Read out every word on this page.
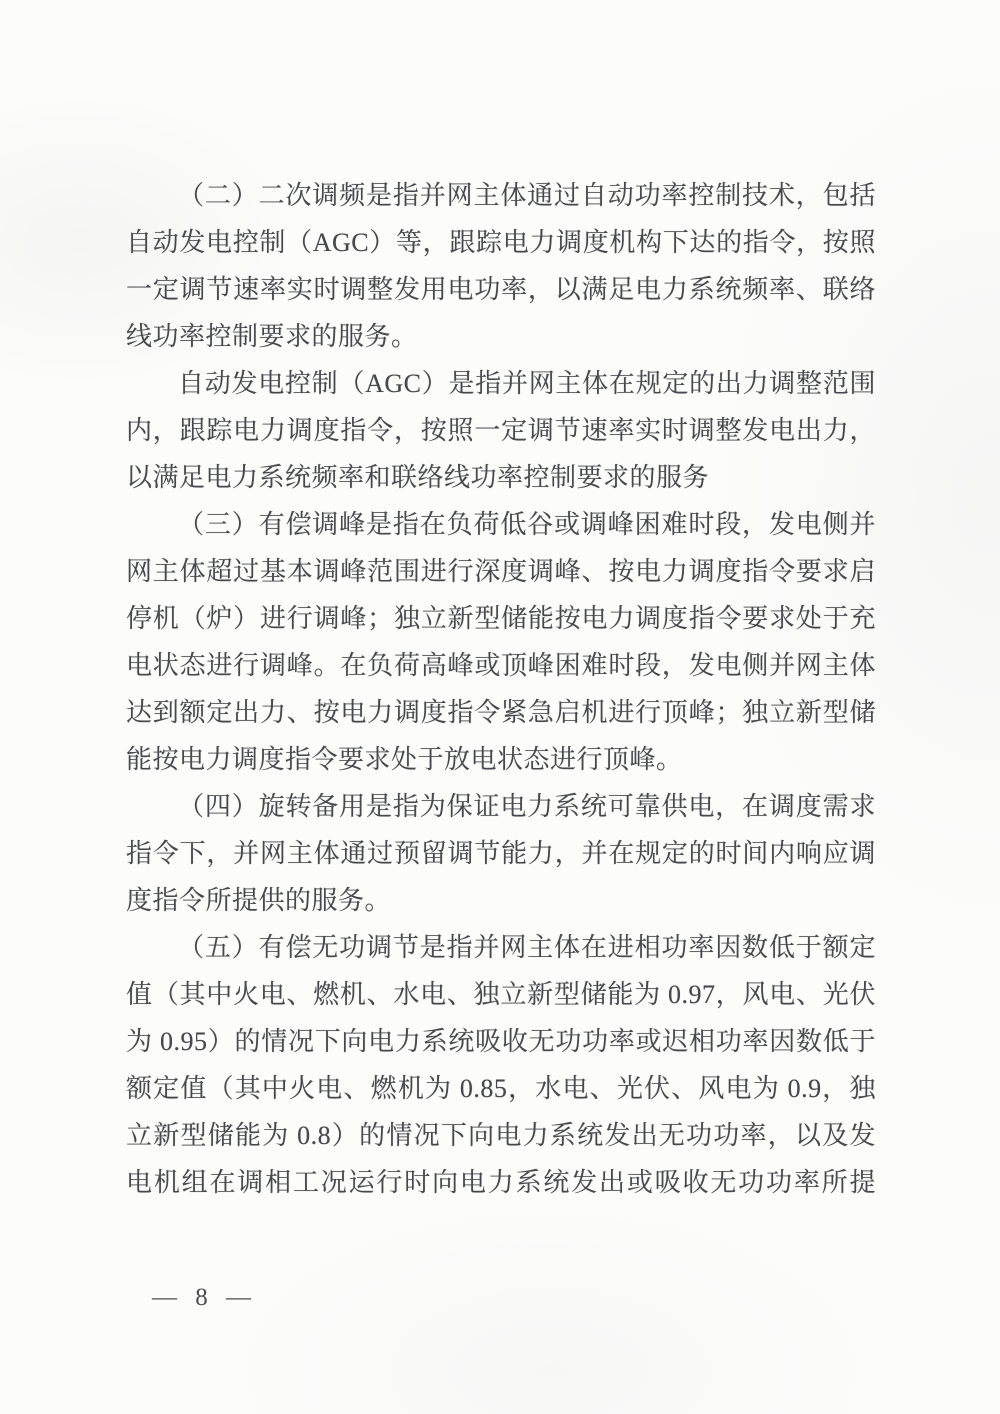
（二）二次调频是指并网主体通过自动功率控制技术，包括
自动发电控制（AGC）等，跟踪电力调度机构下达的指令，按照
一定调节速率实时调整发用电功率，以满足电力系统频率、联络
线功率控制要求的服务。
自动发电控制（AGC）是指并网主体在规定的出力调整范围
内，跟踪电力调度指令，按照一定调节速率实时调整发电出力，
以满足电力系统频率和联络线功率控制要求的服务
（三）有偿调峰是指在负荷低谷或调峰困难时段，发电侧并
网主体超过基本调峰范围进行深度调峰、按电力调度指令要求启
停机（炉）进行调峰；独立新型储能按电力调度指令要求处于充
电状态进行调峰。在负荷高峰或顶峰困难时段，发电侧并网主体
达到额定出力、按电力调度指令紧急启机进行顶峰；独立新型储
能按电力调度指令要求处于放电状态进行顶峰。
（四）旋转备用是指为保证电力系统可靠供电，在调度需求
指令下，并网主体通过预留调节能力，并在规定的时间内响应调
度指令所提供的服务。
（五）有偿无功调节是指并网主体在进相功率因数低于额定
值（其中火电、燃机、水电、独立新型储能为 0.97，风电、光伏
为 0.95）的情况下向电力系统吸收无功功率或迟相功率因数低于
额定值（其中火电、燃机为 0.85，水电、光伏、风电为 0.9，独
立新型储能为 0.8）的情况下向电力系统发出无功功率，以及发
电机组在调相工况运行时向电力系统发出或吸收无功功率所提
— 8 —
